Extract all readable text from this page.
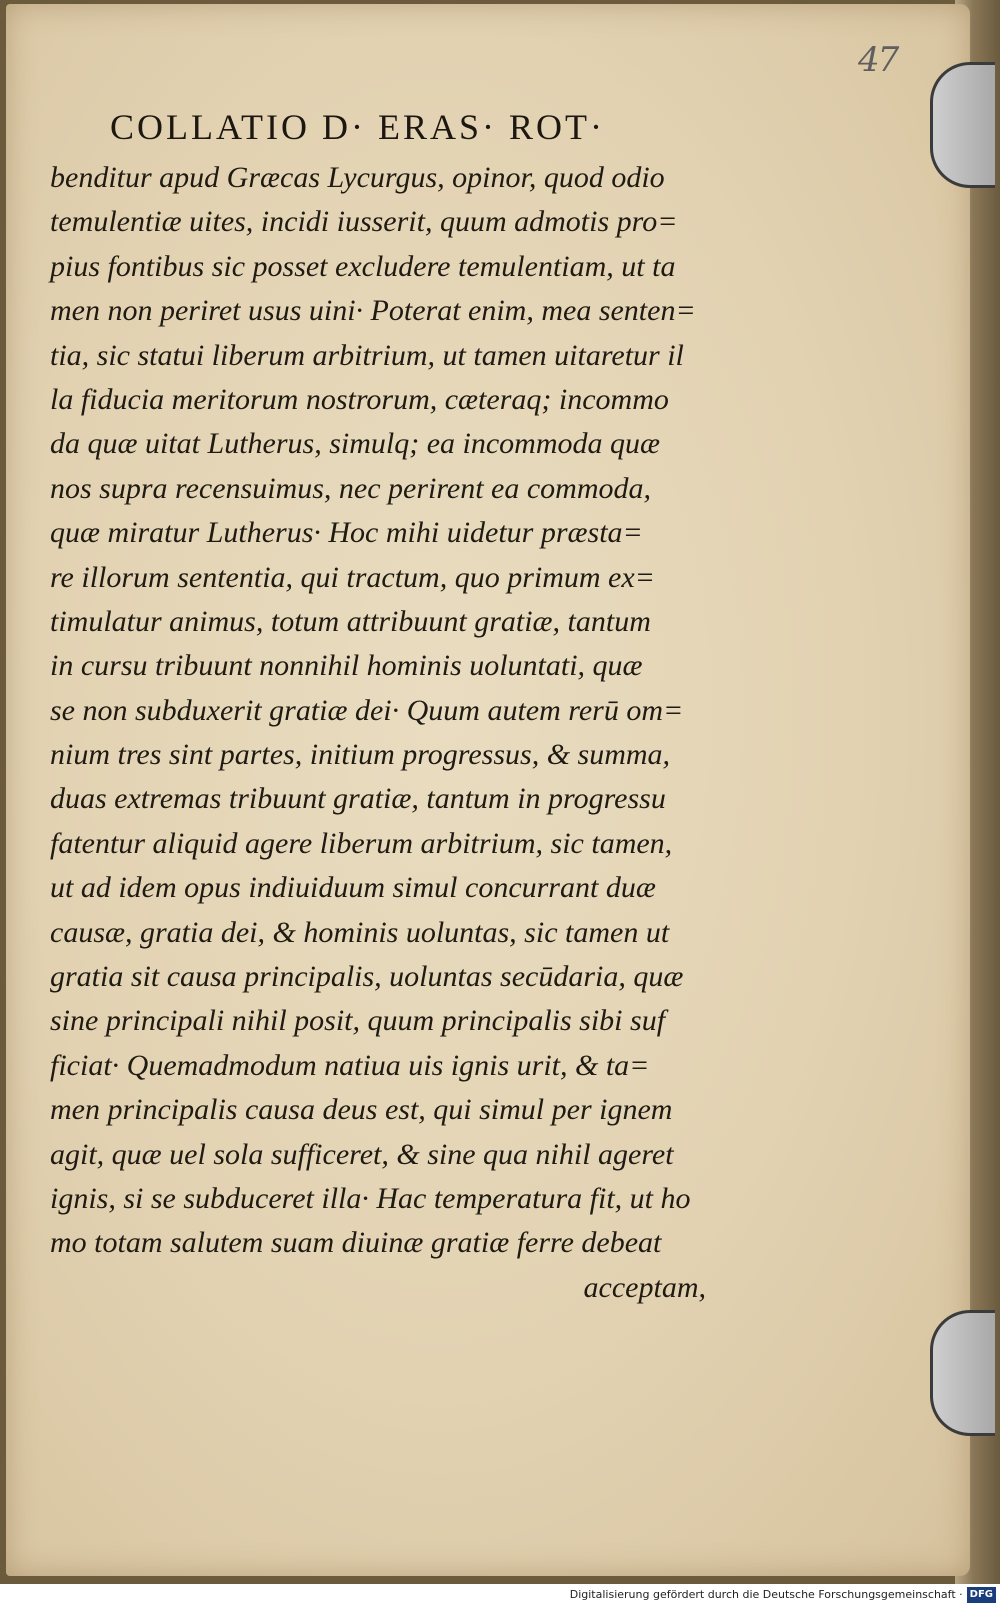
47
COLLATIO D· ERAS· ROT·
benditur apud Græcas Lycurgus, opinor, quod odio
temulentiæ uites, incidi iusserit, quum admotis pro=
pius fontibus sic posset excludere temulentiam, ut ta
men non periret usus uini· Poterat enim, mea senten=
tia, sic statui liberum arbitrium, ut tamen uitaretur il
la fiducia meritorum nostrorum, cæteraq; incommo
da quæ uitat Lutherus, simulq; ea incommoda quæ
nos supra recensuimus, nec perirent ea commoda,
quæ miratur Lutherus· Hoc mihi uidetur præsta=
re illorum sententia, qui tractum, quo primum ex=
timulatur animus, totum attribuunt gratiæ, tantum
in cursu tribuunt nonnihil hominis uoluntati, quæ
se non subduxerit gratiæ dei· Quum autem rerū om=
nium tres sint partes, initium progressus, & summa,
duas extremas tribuunt gratiæ, tantum in progressu
fatentur aliquid agere liberum arbitrium, sic tamen,
ut ad idem opus indiuiduum simul concurrant duæ
causæ, gratia dei, & hominis uoluntas, sic tamen ut
gratia sit causa principalis, uoluntas secūdaria, quæ
sine principali nihil posit, quum principalis sibi suf
ficiat· Quemadmodum natiua uis ignis urit, & ta=
men principalis causa deus est, qui simul per ignem
agit, quæ uel sola sufficeret, & sine qua nihil ageret
ignis, si se subduceret illa· Hac temperatura fit, ut ho
mo totam salutem suam diuinæ gratiæ ferre debeat
acceptam,
Digitalisierung gefördert durch die Deutsche Forschungsgemeinschaft · DFG
